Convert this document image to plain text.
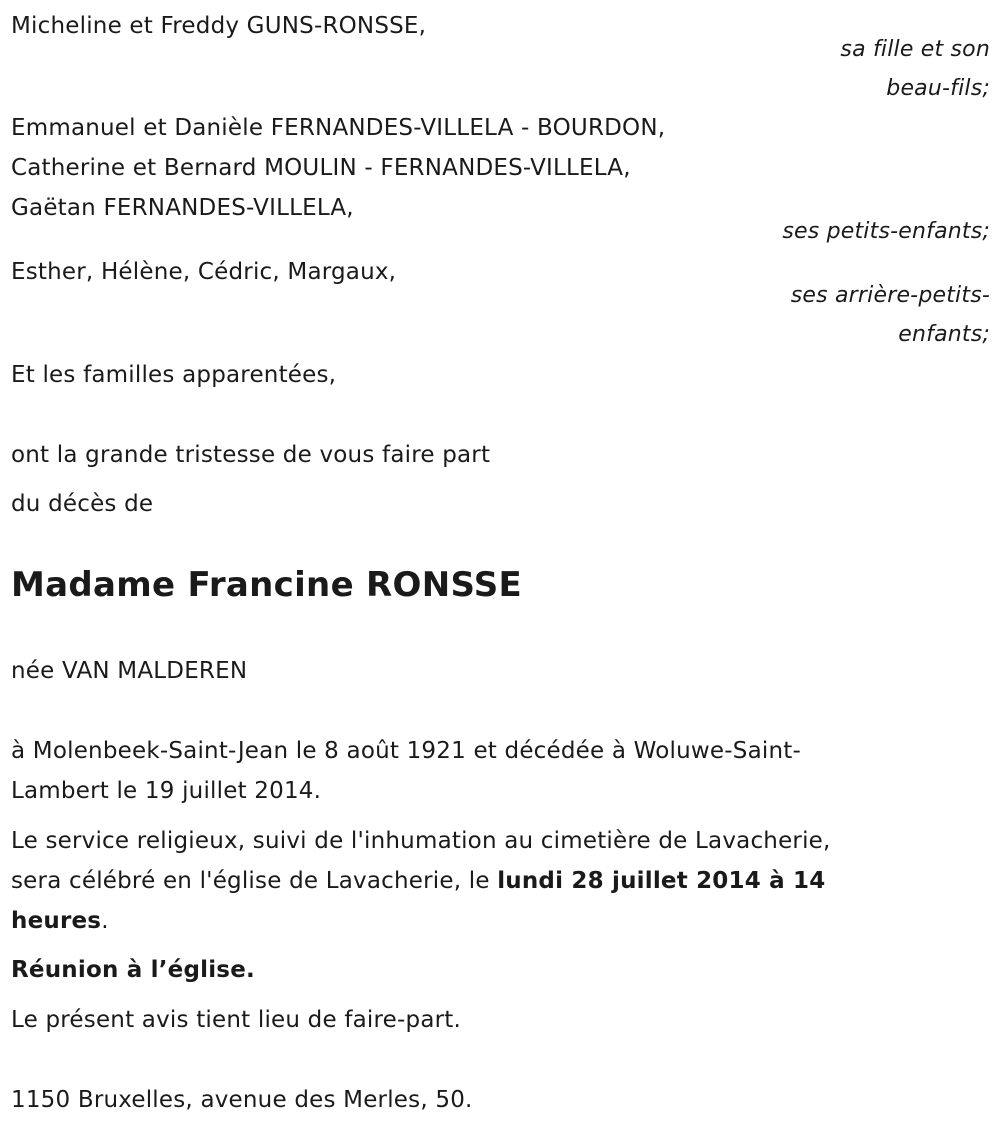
Micheline et Freddy GUNS-RONSSE,
sa fille et son
beau-fils;
Emmanuel et Danièle FERNANDES-VILLELA - BOURDON,
Catherine et Bernard MOULIN - FERNANDES-VILLELA,
Gaëtan FERNANDES-VILLELA,
ses petits-enfants;
Esther, Hélène, Cédric, Margaux,
ses arrière-petits-
enfants;
Et les familles apparentées,
ont la grande tristesse de vous faire part
du décès de
Madame Francine RONSSE
née VAN MALDEREN
à Molenbeek-Saint-Jean le 8 août 1921 et décédée à Woluwe-Saint-
Lambert le 19 juillet 2014.
Le service religieux, suivi de l'inhumation au cimetière de Lavacherie,
sera célébré en l'église de Lavacherie, le lundi 28 juillet 2014 à 14
heures.
Réunion à l’église.
Le présent avis tient lieu de faire-part.
1150 Bruxelles, avenue des Merles, 50.
